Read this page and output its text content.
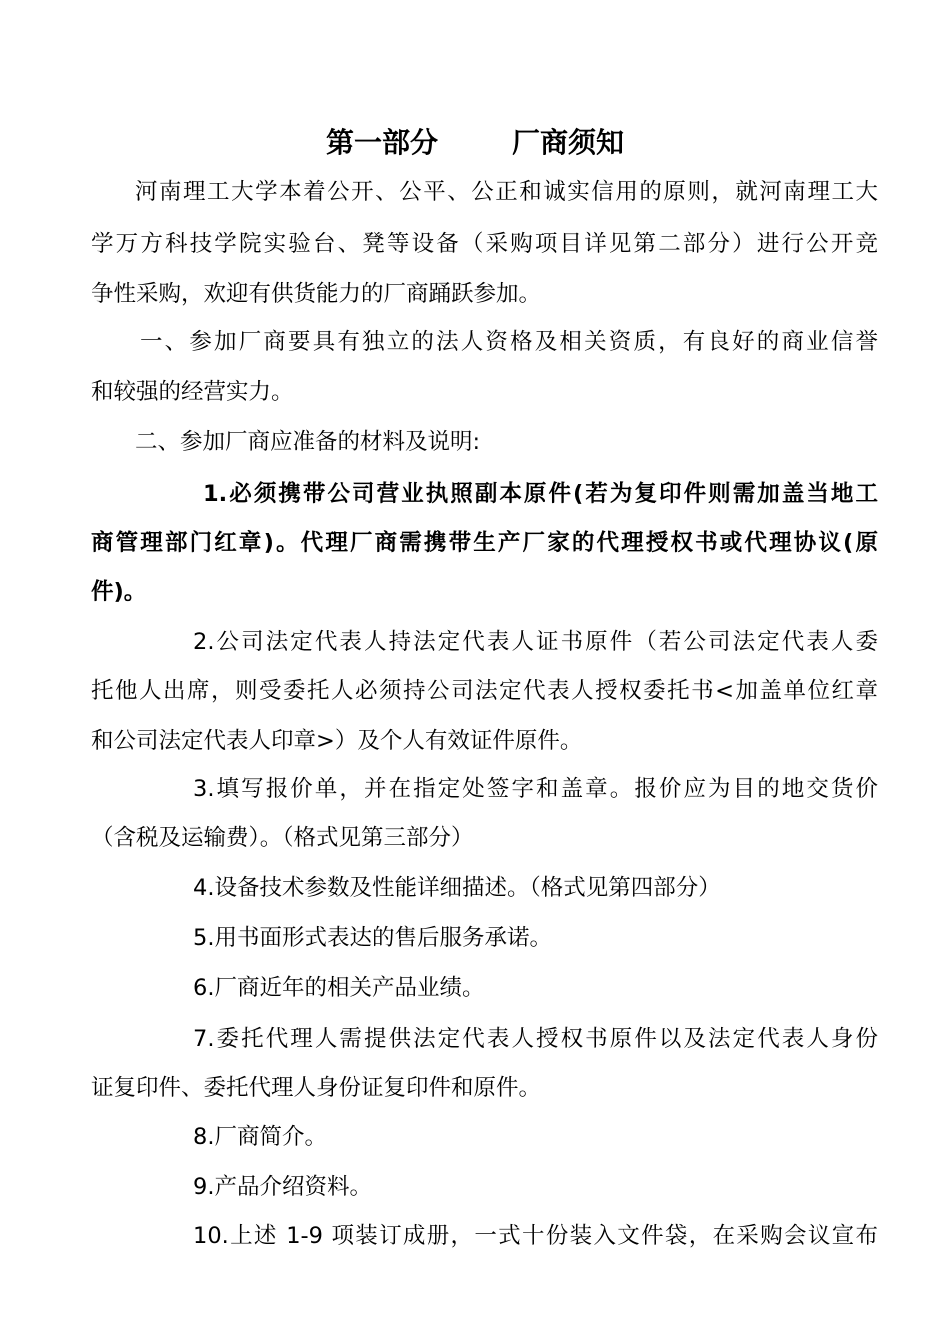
第一部分	厂商须知
河南理工大学本着公开、公平、公正和诚实信用的原则，就河南理工大
学万方科技学院实验台、凳等设备（采购项目详见第二部分）进行公开竞
争性采购，欢迎有供货能力的厂商踊跃参加。
一、参加厂商要具有独立的法人资格及相关资质，有良好的商业信誉
和较强的经营实力。
二、参加厂商应准备的材料及说明:
1.必须携带公司营业执照副本原件(若为复印件则需加盖当地工
商管理部门红章)。代理厂商需携带生产厂家的代理授权书或代理协议(原
件)。
2.公司法定代表人持法定代表人证书原件（若公司法定代表人委
托他人出席，则受委托人必须持公司法定代表人授权委托书<加盖单位红章
和公司法定代表人印章>）及个人有效证件原件。
3.填写报价单，并在指定处签字和盖章。报价应为目的地交货价
（含税及运输费）。（格式见第三部分）
4.设备技术参数及性能详细描述。（格式见第四部分）
5.用书面形式表达的售后服务承诺。
6.厂商近年的相关产品业绩。
7.委托代理人需提供法定代表人授权书原件以及法定代表人身份
证复印件、委托代理人身份证复印件和原件。
8.厂商简介。
9.产品介绍资料。
10.上述 1-9 项装订成册，一式十份装入文件袋，在采购会议宣布
